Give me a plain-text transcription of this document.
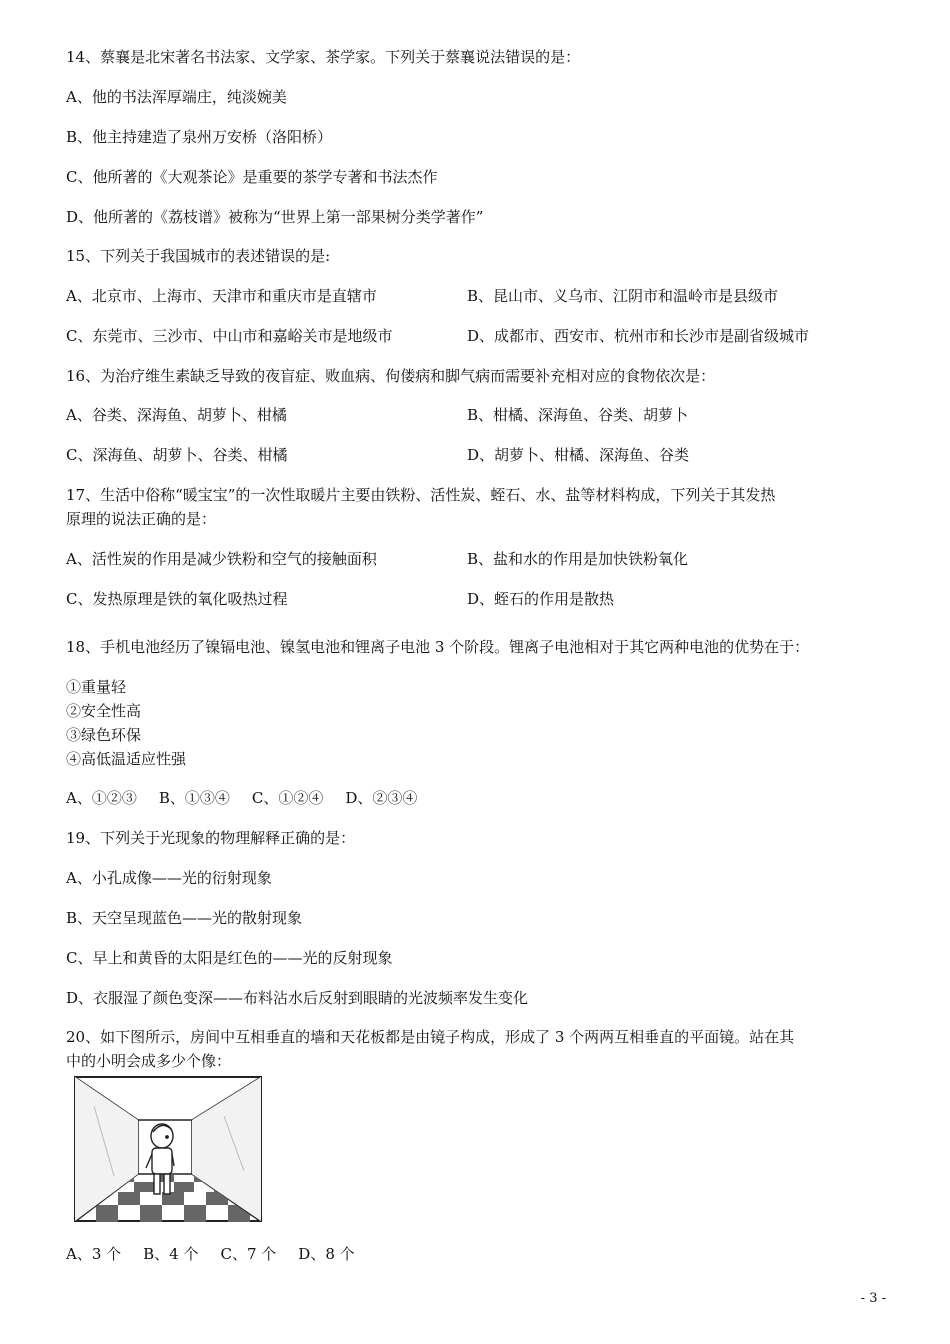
14、蔡襄是北宋著名书法家、文学家、茶学家。下列关于蔡襄说法错误的是：
A、他的书法浑厚端庄，纯淡婉美
B、他主持建造了泉州万安桥（洛阳桥）
C、他所著的《大观茶论》是重要的茶学专著和书法杰作
D、他所著的《荔枝谱》被称为“世界上第一部果树分类学著作”
15、下列关于我国城市的表述错误的是:
A、北京市、上海市、天津市和重庆市是直辖市	B、昆山市、义乌市、江阴市和温岭市是县级市
C、东莞市、三沙市、中山市和嘉峪关市是地级市	D、成都市、西安市、杭州市和长沙市是副省级城市
16、为治疗维生素缺乏导致的夜盲症、败血病、佝偻病和脚气病而需要补充相对应的食物依次是：
A、谷类、深海鱼、胡萝卜、柑橘	B、柑橘、深海鱼、谷类、胡萝卜
C、深海鱼、胡萝卜、谷类、柑橘	D、胡萝卜、柑橘、深海鱼、谷类
17、生活中俗称“暖宝宝”的一次性取暖片主要由铁粉、活性炭、蛭石、水、盐等材料构成，下列关于其发热
原理的说法正确的是：
A、活性炭的作用是减少铁粉和空气的接触面积	B、盐和水的作用是加快铁粉氧化
C、发热原理是铁的氧化吸热过程	D、蛭石的作用是散热
18、手机电池经历了镍镉电池、镍氢电池和锂离子电池 3 个阶段。锂离子电池相对于其它两种电池的优势在于：
①重量轻
②安全性高
③绿色环保
④高低温适应性强
A、①②③ B、①③④ C、①②④ D、②③④
19、下列关于光现象的物理解释正确的是：
A、小孔成像——光的衍射现象
B、天空呈现蓝色——光的散射现象
C、早上和黄昏的太阳是红色的——光的反射现象
D、衣服湿了颜色变深——布料沾水后反射到眼睛的光波频率发生变化
20、如下图所示，房间中互相垂直的墙和天花板都是由镜子构成，形成了 3 个两两互相垂直的平面镜。站在其
中的小明会成多少个像：
A、3 个 B、4 个 C、7 个 D、8 个
- 3 -
